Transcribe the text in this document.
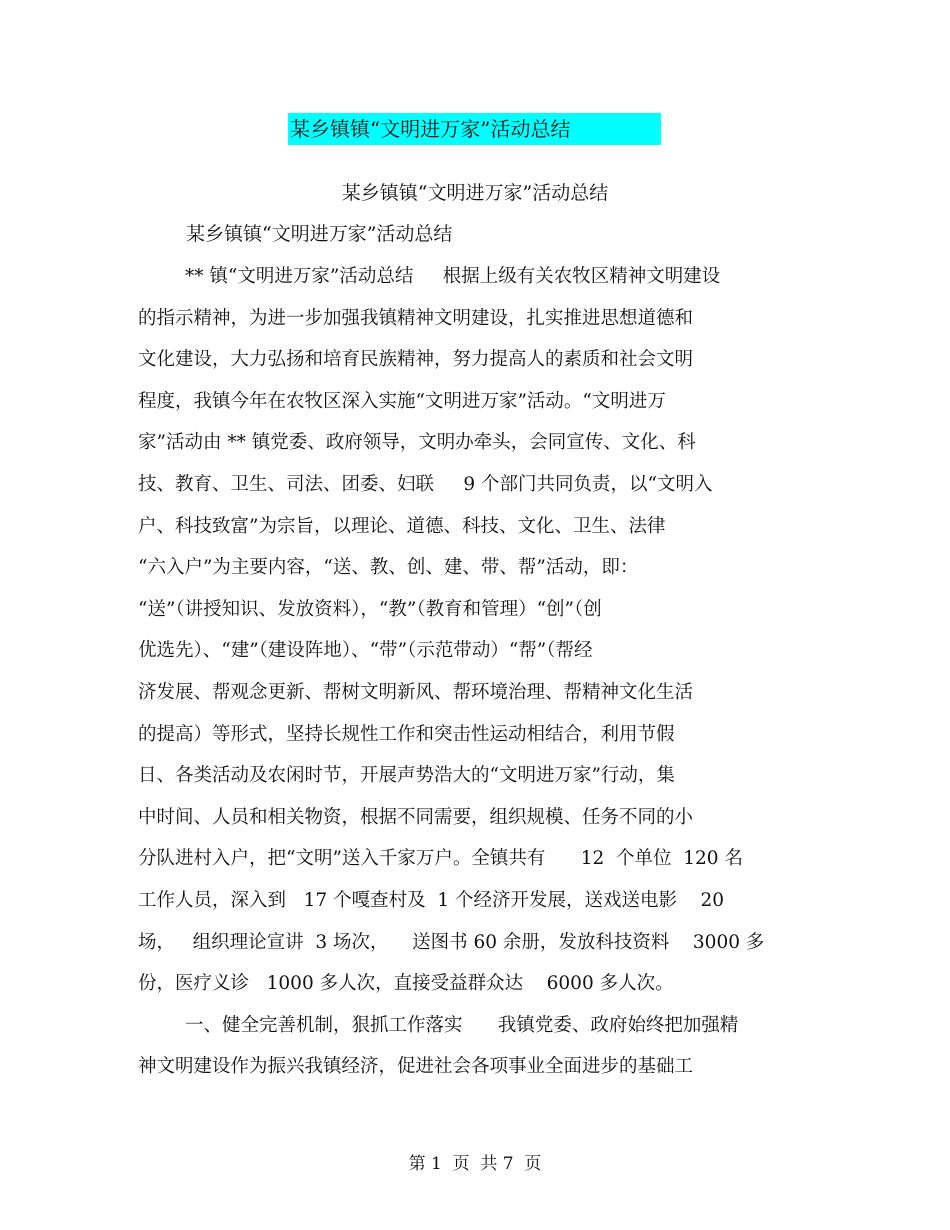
某乡镇镇“文明进万家”活动总结
某乡镇镇“文明进万家”活动总结
某乡镇镇“文明进万家”活动总结
** 镇“文明进万家”活动总结     根据上级有关农牧区精神文明建设
的指示精神，为进一步加强我镇精神文明建设，扎实推进思想道德和
文化建设，大力弘扬和培育民族精神，努力提高人的素质和社会文明
程度，我镇今年在农牧区深入实施“文明进万家”活动。“文明进万
家”活动由 ** 镇党委、政府领导，文明办牵头，会同宣传、文化、科
技、教育、卫生、司法、团委、妇联     9 个部门共同负责，以“文明入
户、科技致富”为宗旨，以理论、道德、科技、文化、卫生、法律
“六入户”为主要内容，“送、教、创、建、带、帮”活动，即：
“送”（讲授知识、发放资料），“教”（教育和管理）“创”（创
优选先）、“建”（建设阵地）、“带”（示范带动）“帮”（帮经
济发展、帮观念更新、帮树文明新风、帮环境治理、帮精神文化生活
的提高）等形式，坚持长规性工作和突击性运动相结合，利用节假
日、各类活动及农闲时节，开展声势浩大的“文明进万家”行动，集
中时间、人员和相关物资，根据不同需要，组织规模、任务不同的小
分队进村入户，把“文明”送入千家万户。全镇共有      12  个单位  120 名
工作人员，深入到   17 个嘎查村及  1 个经济开发展，送戏送电影    20
场，   组织理论宣讲  3 场次，    送图书 60 余册，发放科技资料    3000 多
份，医疗义诊   1000 多人次，直接受益群众达    6000 多人次。
一、健全完善机制，狠抓工作落实      我镇党委、政府始终把加强精
神文明建设作为振兴我镇经济，促进社会各项事业全面进步的基础工
第 1  页  共 7  页
